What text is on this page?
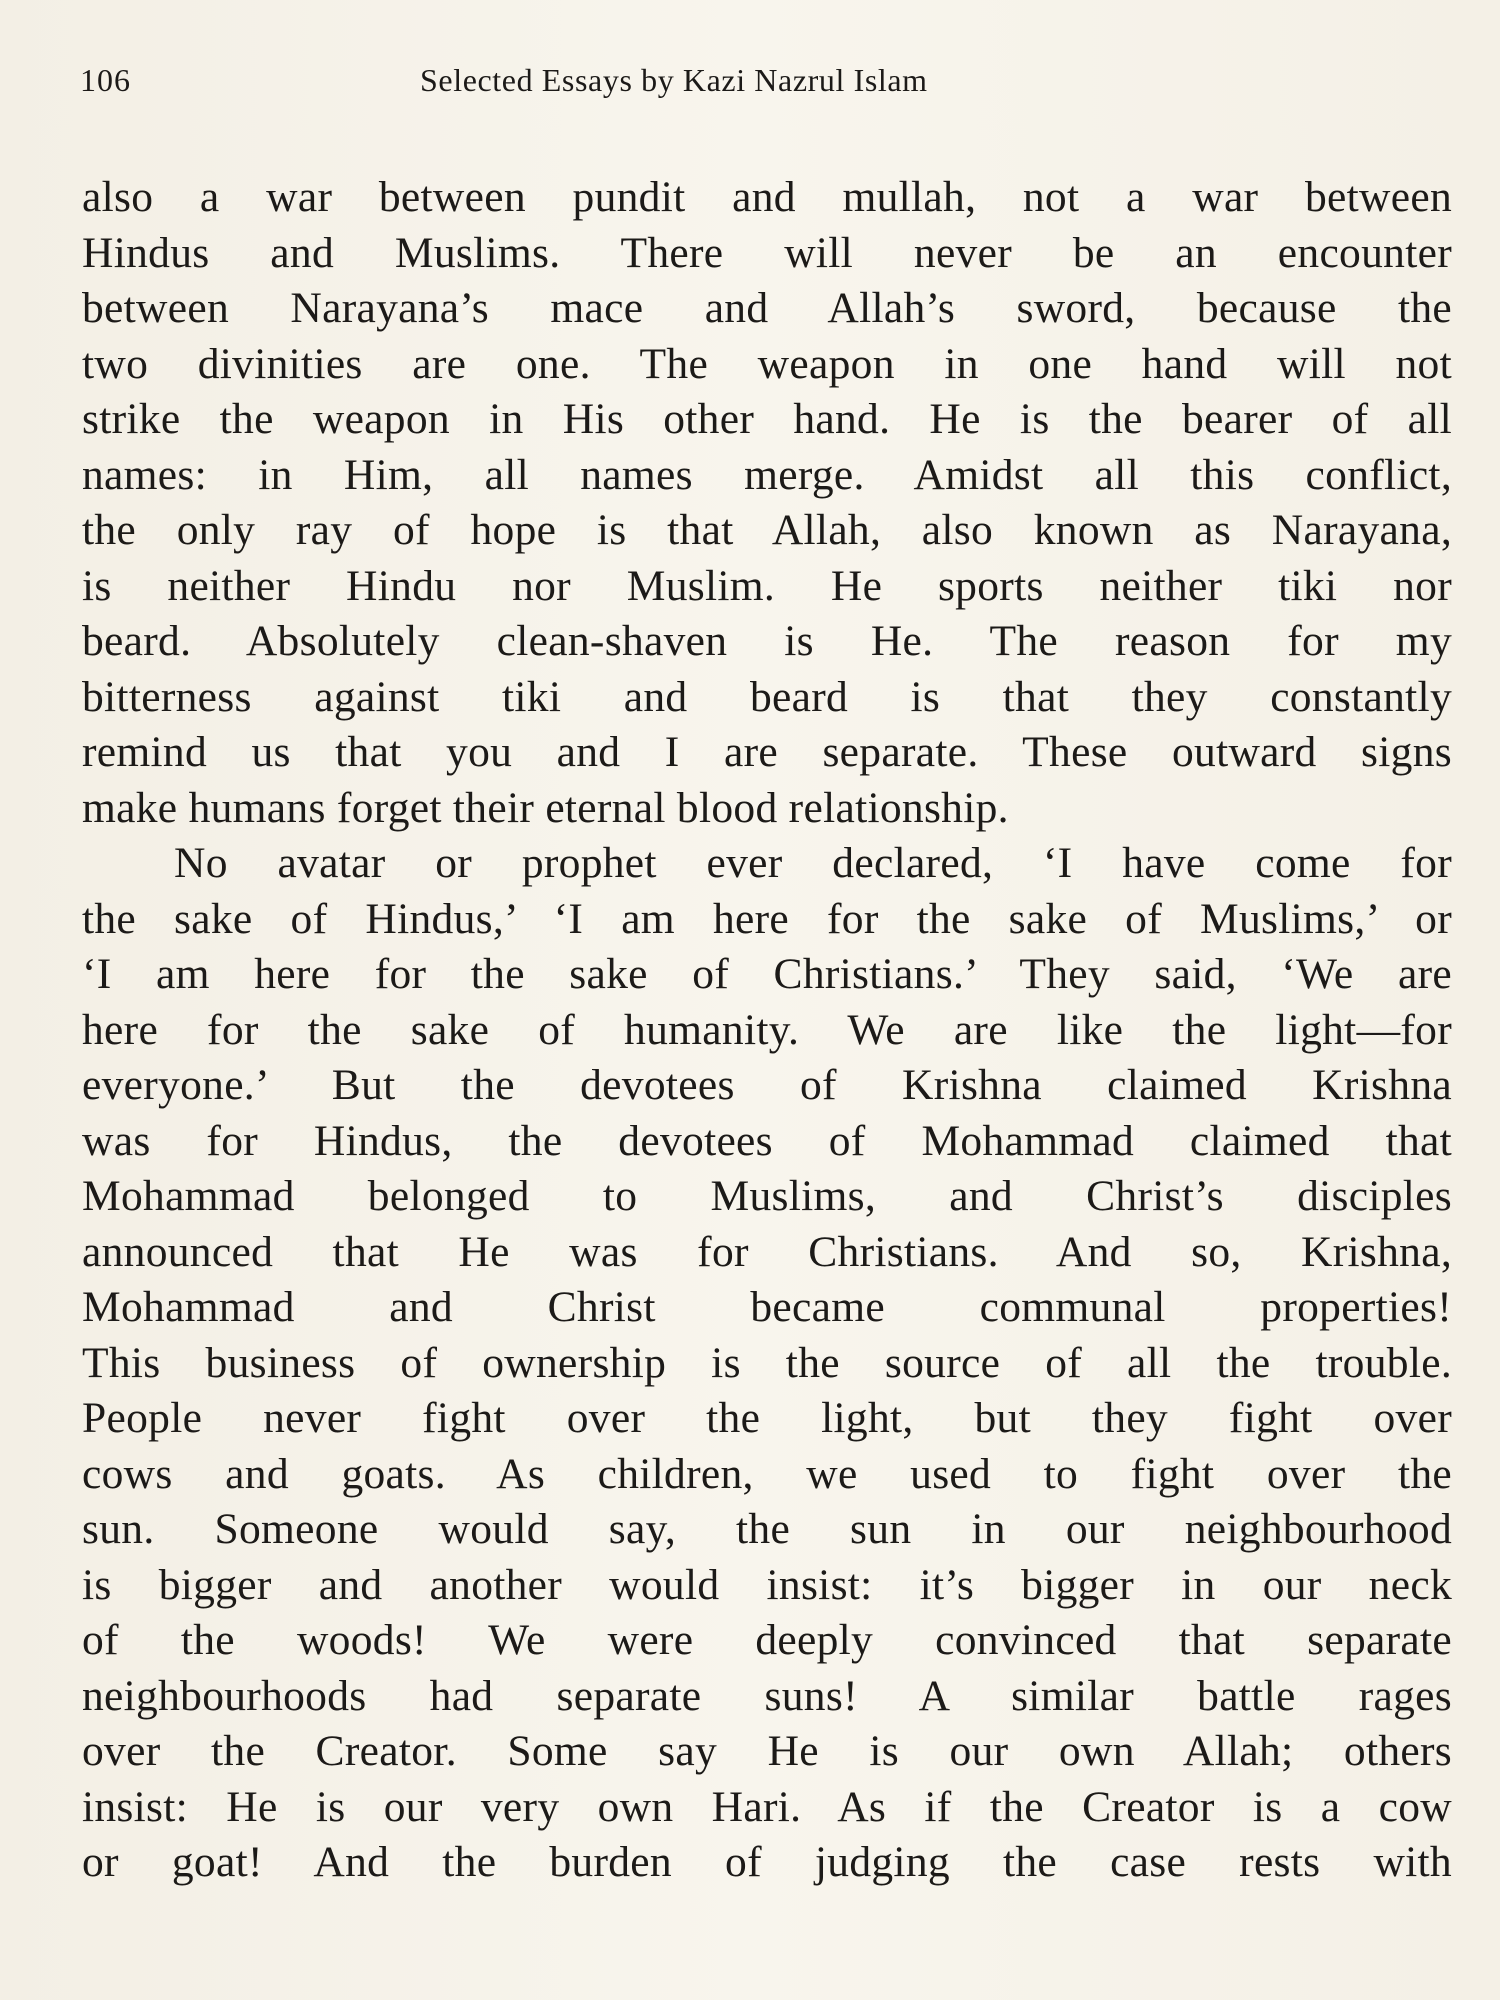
106	Selected Essays by Kazi Nazrul Islam
also a war between pundit and mullah, not a war between
Hindus and Muslims. There will never be an encounter
between Narayana’s mace and Allah’s sword, because the
two divinities are one. The weapon in one hand will not
strike the weapon in His other hand. He is the bearer of all
names: in Him, all names merge. Amidst all this conflict,
the only ray of hope is that Allah, also known as Narayana,
is neither Hindu nor Muslim. He sports neither tiki nor
beard. Absolutely clean-shaven is He. The reason for my
bitterness against tiki and beard is that they constantly
remind us that you and I are separate. These outward signs
make humans forget their eternal blood relationship.
No avatar or prophet ever declared, ‘I have come for
the sake of Hindus,’ ‘I am here for the sake of Muslims,’ or
‘I am here for the sake of Christians.’ They said, ‘We are
here for the sake of humanity. We are like the light—for
everyone.’ But the devotees of Krishna claimed Krishna
was for Hindus, the devotees of Mohammad claimed that
Mohammad belonged to Muslims, and Christ’s disciples
announced that He was for Christians. And so, Krishna,
Mohammad and Christ became communal properties!
This business of ownership is the source of all the trouble.
People never fight over the light, but they fight over
cows and goats. As children, we used to fight over the
sun. Someone would say, the sun in our neighbourhood
is bigger and another would insist: it’s bigger in our neck
of the woods! We were deeply convinced that separate
neighbourhoods had separate suns! A similar battle rages
over the Creator. Some say He is our own Allah; others
insist: He is our very own Hari. As if the Creator is a cow
or goat! And the burden of judging the case rests with
